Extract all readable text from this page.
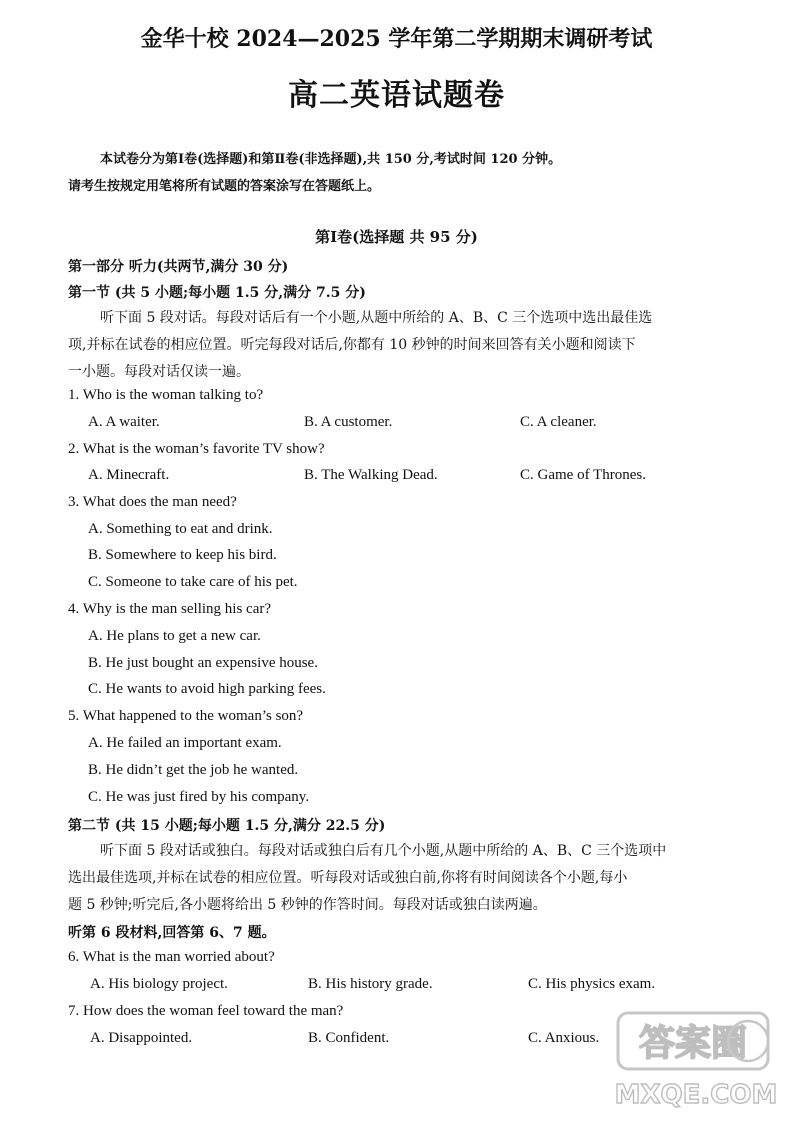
金华十校 2024—2025 学年第二学期期末调研考试
高二英语试题卷
本试卷分为第Ⅰ卷(选择题)和第Ⅱ卷(非选择题),共 150 分,考试时间 120 分钟。
请考生按规定用笔将所有试题的答案涂写在答题纸上。
第Ⅰ卷(选择题 共 95 分)
第一部分 听力(共两节,满分 30 分)
第一节 (共 5 小题;每小题 1.5 分,满分 7.5 分)
听下面 5 段对话。每段对话后有一个小题,从题中所给的 A、B、C 三个选项中选出最佳选
项,并标在试卷的相应位置。听完每段对话后,你都有 10 秒钟的时间来回答有关小题和阅读下
一小题。每段对话仅读一遍。
1. Who is the woman talking to?
A. A waiter.	B. A customer.	C. A cleaner.
2. What is the woman’s favorite TV show?
A. Minecraft.	B. The Walking Dead.	C. Game of Thrones.
3. What does the man need?
A. Something to eat and drink.
B. Somewhere to keep his bird.
C. Someone to take care of his pet.
4. Why is the man selling his car?
A. He plans to get a new car.
B. He just bought an expensive house.
C. He wants to avoid high parking fees.
5. What happened to the woman’s son?
A. He failed an important exam.
B. He didn’t get the job he wanted.
C. He was just fired by his company.
第二节 (共 15 小题;每小题 1.5 分,满分 22.5 分)
听下面 5 段对话或独白。每段对话或独白后有几个小题,从题中所给的 A、B、C 三个选项中
选出最佳选项,并标在试卷的相应位置。听每段对话或独白前,你将有时间阅读各个小题,每小
题 5 秒钟;听完后,各小题将给出 5 秒钟的作答时间。每段对话或独白读两遍。
听第 6 段材料,回答第 6、7 题。
6. What is the man worried about?
A. His biology project.	B. His history grade.	C. His physics exam.
7. How does the woman feel toward the man?
A. Disappointed.	B. Confident.	C. Anxious. 答案圈
MXQE.COM
